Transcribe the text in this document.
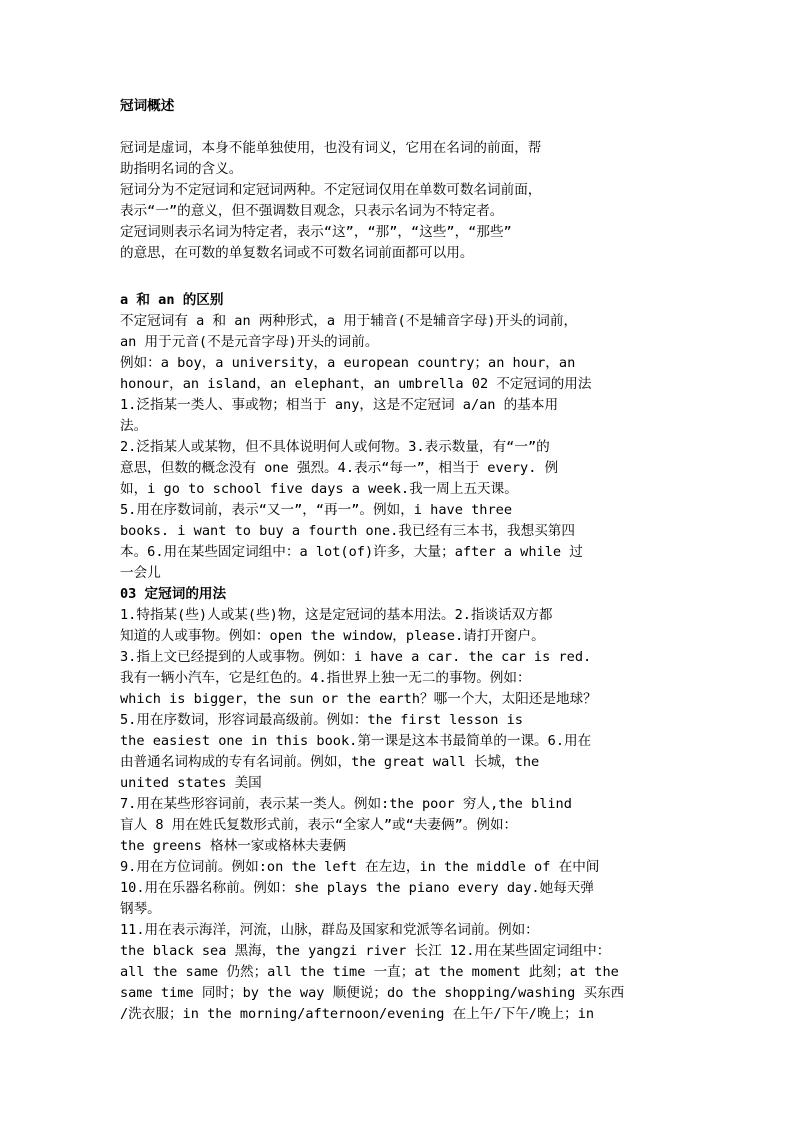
冠词概述
冠词是虚词，本身不能单独使用，也没有词义，它用在名词的前面，帮
助指明名词的含义。
冠词分为不定冠词和定冠词两种。不定冠词仅用在单数可数名词前面，
表示“一”的意义，但不强调数目观念，只表示名词为不特定者。
定冠词则表示名词为特定者，表示“这”，“那”，“这些”，“那些”
的意思，在可数的单复数名词或不可数名词前面都可以用。
a 和 an 的区别
不定冠词有 a 和 an 两种形式，a 用于辅音(不是辅音字母)开头的词前，
an 用于元音(不是元音字母)开头的词前。
例如：a boy，a university，a european country；an hour，an
honour，an island，an elephant，an umbrella 02 不定冠词的用法
1.泛指某一类人、事或物；相当于 any，这是不定冠词 a/an 的基本用
法。
2.泛指某人或某物，但不具体说明何人或何物。3.表示数量，有“一”的
意思，但数的概念没有 one 强烈。4.表示“每一”，相当于 every. 例
如，i go to school five days a week.我一周上五天课。
5.用在序数词前，表示“又一”，“再一”。例如，i have three
books. i want to buy a fourth one.我已经有三本书，我想买第四
本。6.用在某些固定词组中：a lot(of)许多，大量；after a while 过
一会儿
03 定冠词的用法
1.特指某(些)人或某(些)物，这是定冠词的基本用法。2.指谈话双方都
知道的人或事物。例如：open the window，please.请打开窗户。
3.指上文已经提到的人或事物。例如：i have a car. the car is red.
我有一辆小汽车，它是红色的。4.指世界上独一无二的事物。例如：
which is bigger，the sun or the earth？哪一个大，太阳还是地球？
5.用在序数词，形容词最高级前。例如：the first lesson is
the easiest one in this book.第一课是这本书最简单的一课。6.用在
由普通名词构成的专有名词前。例如，the great wall 长城，the
united states 美国
7.用在某些形容词前，表示某一类人。例如:the poor 穷人,the blind
盲人 8 用在姓氏复数形式前，表示“全家人”或“夫妻俩”。例如：
the greens 格林一家或格林夫妻俩
9.用在方位词前。例如:on the left 在左边，in the middle of 在中间
10.用在乐器名称前。例如：she plays the piano every day.她每天弹
钢琴。
11.用在表示海洋，河流，山脉，群岛及国家和党派等名词前。例如：
the black sea 黑海，the yangzi river 长江 12.用在某些固定词组中：
all the same 仍然；all the time 一直；at the moment 此刻；at the
same time 同时；by the way 顺便说；do the shopping/washing 买东西
/洗衣服；in the morning/afternoon/evening 在上午/下午/晚上；in
